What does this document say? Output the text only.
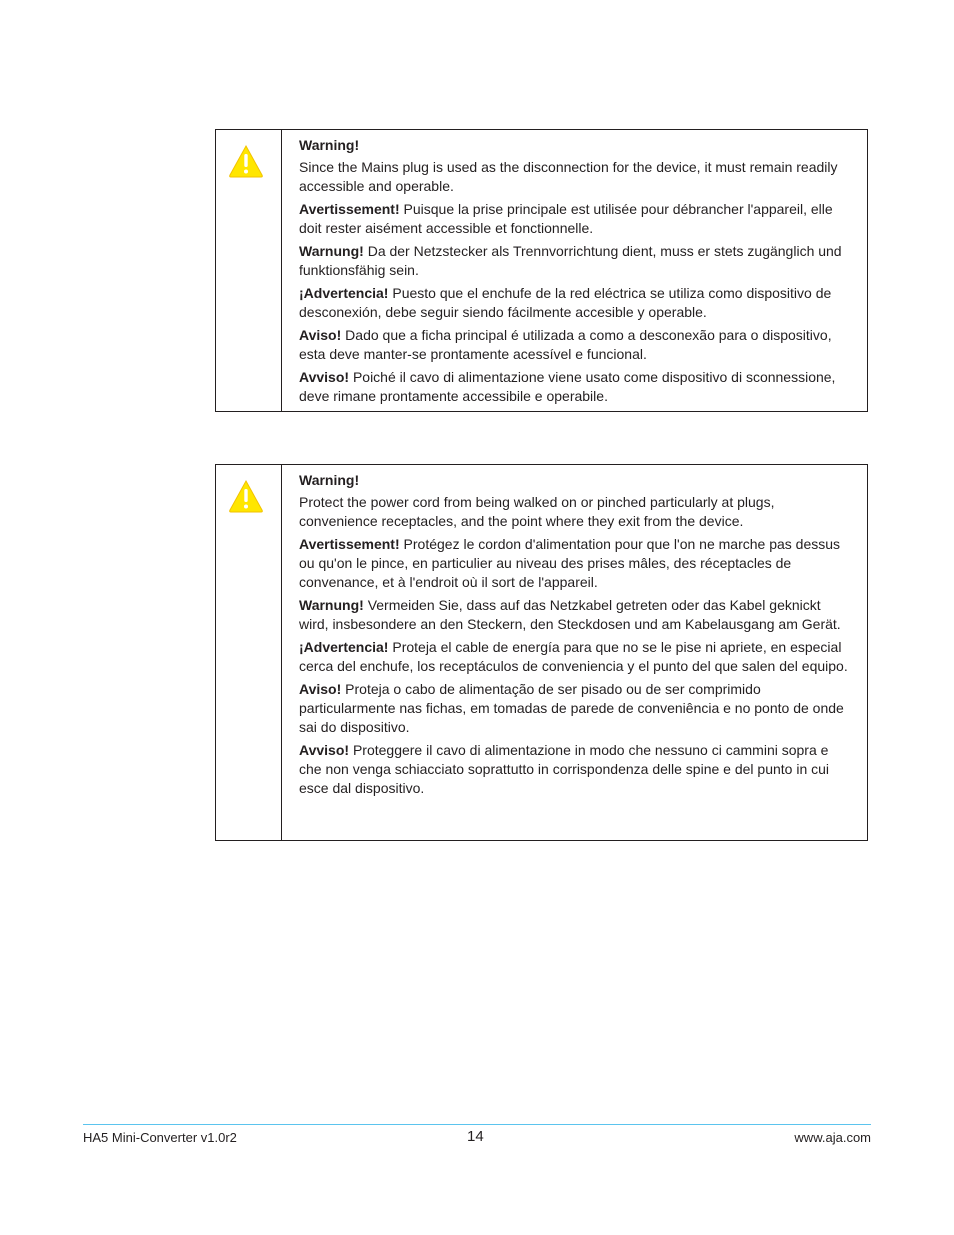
Warning!

Since the Mains plug is used as the disconnection for the device, it must remain readily accessible and operable.

Avertissement! Puisque la prise principale est utilisée pour débrancher l'appareil, elle doit rester aisément accessible et fonctionnelle.

Warnung! Da der Netzstecker als Trennvorrichtung dient, muss er stets zugänglich und funktionsfähig sein.

¡Advertencia! Puesto que el enchufe de la red eléctrica se utiliza como dispositivo de desconexión, debe seguir siendo fácilmente accesible y operable.

Aviso! Dado que a ficha principal é utilizada a como a desconexão para o dispositivo, esta deve manter-se prontamente acessível e funcional.

Avviso! Poiché il cavo di alimentazione viene usato come dispositivo di sconnessione, deve rimane prontamente accessibile e operabile.

Warning!

Protect the power cord from being walked on or pinched particularly at plugs, convenience receptacles, and the point where they exit from the device.

Avertissement! Protégez le cordon d'alimentation pour que l'on ne marche pas dessus ou qu'on le pince, en particulier au niveau des prises mâles, des réceptacles de convenance, et à l'endroit où il sort de l'appareil.

Warnung! Vermeiden Sie, dass auf das Netzkabel getreten oder das Kabel geknickt wird, insbesondere an den Steckern, den Steckdosen und am Kabelausgang am Gerät.

¡Advertencia! Proteja el cable de energía para que no se le pise ni apriete, en especial cerca del enchufe, los receptáculos de conveniencia y el punto del que salen del equipo.

Aviso! Proteja o cabo de alimentação de ser pisado ou de ser comprimido particularmente nas fichas, em tomadas de parede de conveniência e no ponto de onde sai do dispositivo.

Avviso! Proteggere il cavo di alimentazione in modo che nessuno ci cammini sopra e che non venga schiacciato soprattutto in corrispondenza delle spine e del punto in cui esce dal dispositivo.

HA5 Mini-Converter v1.0r2	14	www.aja.com
